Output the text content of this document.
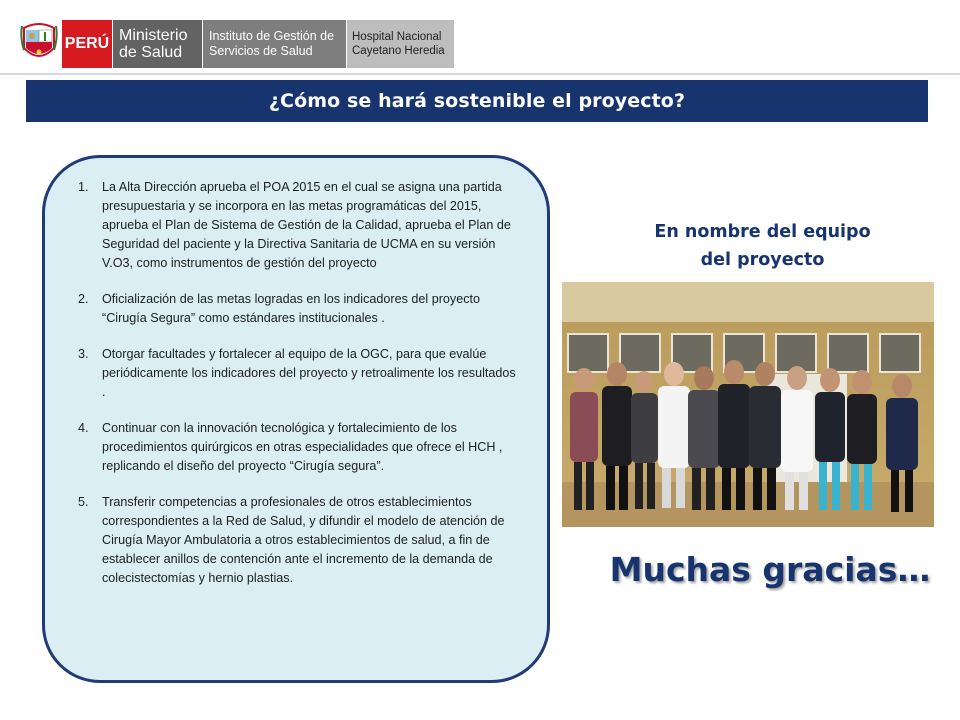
PERÚ Ministerio de Salud
Instituto de Gestión de Servicios de Salud
Hospital Nacional Cayetano Heredia
¿Cómo se hará sostenible el proyecto?
1. La Alta Dirección aprueba el POA 2015 en el cual se asigna una partida presupuestaria y se incorpora en las metas programáticas del 2015, aprueba el Plan de Sistema de Gestión de la Calidad, aprueba el Plan de Seguridad del paciente y la Directiva Sanitaria de UCMA en su versión V.O3, como instrumentos de gestión del proyecto
2. Oficialización de las metas logradas en los indicadores del proyecto “Cirugía Segura” como estándares institucionales .
3. Otorgar facultades y fortalecer al equipo de la OGC, para que evalúe periódicamente los indicadores del proyecto y retroalimente los resultados .
4. Continuar con la innovación tecnológica y fortalecimiento de los procedimientos quirúrgicos en otras especialidades que ofrece el HCH , replicando el diseño del proyecto “Cirugía segura”.
5. Transferir competencias a profesionales de otros establecimientos correspondientes a la Red de Salud, y difundir el modelo de atención de Cirugía Mayor Ambulatoria a otros establecimientos de salud, a fin de establecer anillos de contención ante el incremento de la demanda de colecistectomías y hernio plastias.
En nombre del equipo
del proyecto
Muchas gracias…
